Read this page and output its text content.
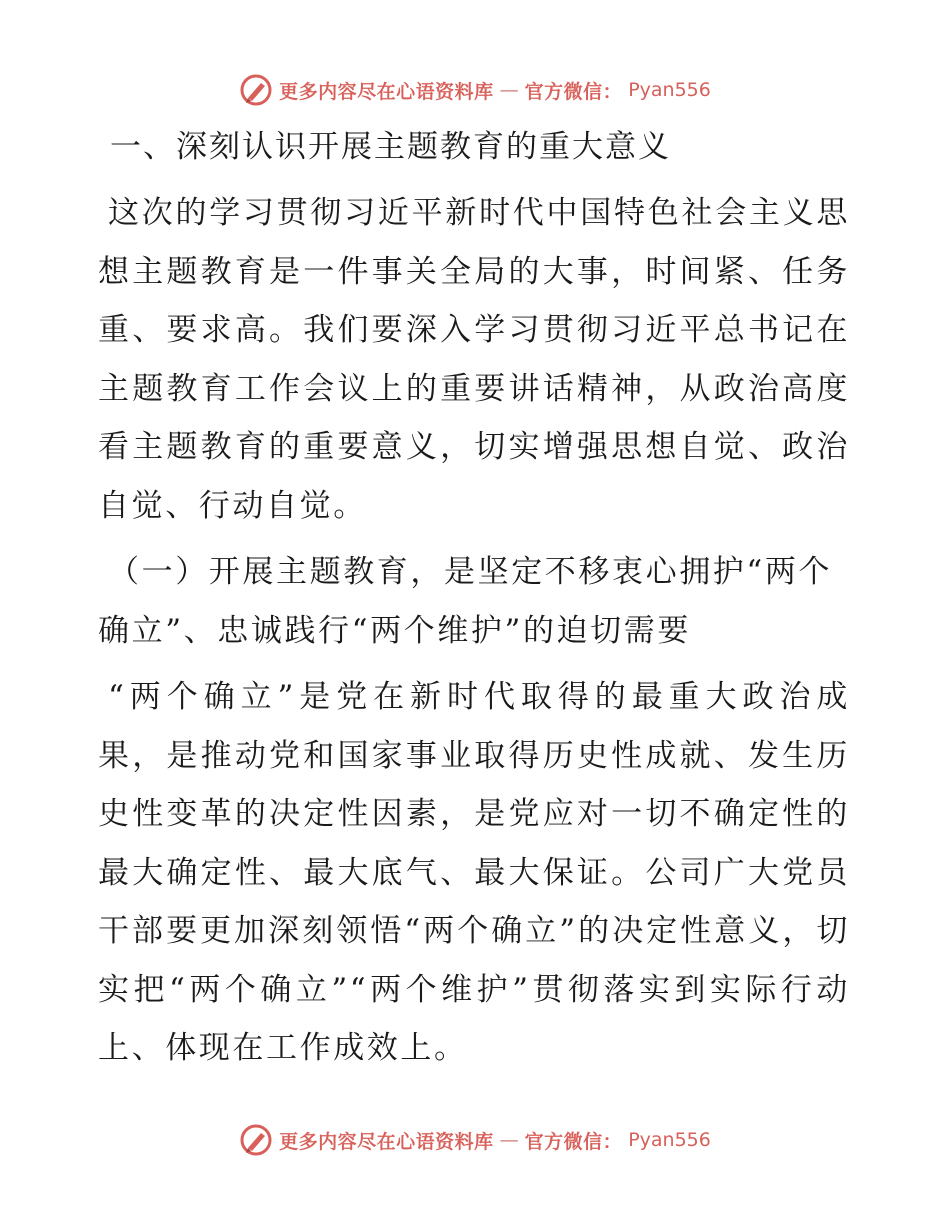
更多内容尽在心语资料库 — 官方微信： Pyan556

一、深刻认识开展主题教育的重大意义

这次的学习贯彻习近平新时代中国特色社会主义思想主题教育是一件事关全局的大事，时间紧、任务重、要求高。我们要深入学习贯彻习近平总书记在主题教育工作会议上的重要讲话精神，从政治高度看主题教育的重要意义，切实增强思想自觉、政治自觉、行动自觉。

（一）开展主题教育，是坚定不移衷心拥护“两个确立”、忠诚践行“两个维护”的迫切需要

“两个确立”是党在新时代取得的最重大政治成果，是推动党和国家事业取得历史性成就、发生历史性变革的决定性因素，是党应对一切不确定性的最大确定性、最大底气、最大保证。公司广大党员干部要更加深刻领悟“两个确立”的决定性意义，切实把“两个确立”“两个维护”贯彻落实到实际行动上、体现在工作成效上。

更多内容尽在心语资料库 — 官方微信： Pyan556
